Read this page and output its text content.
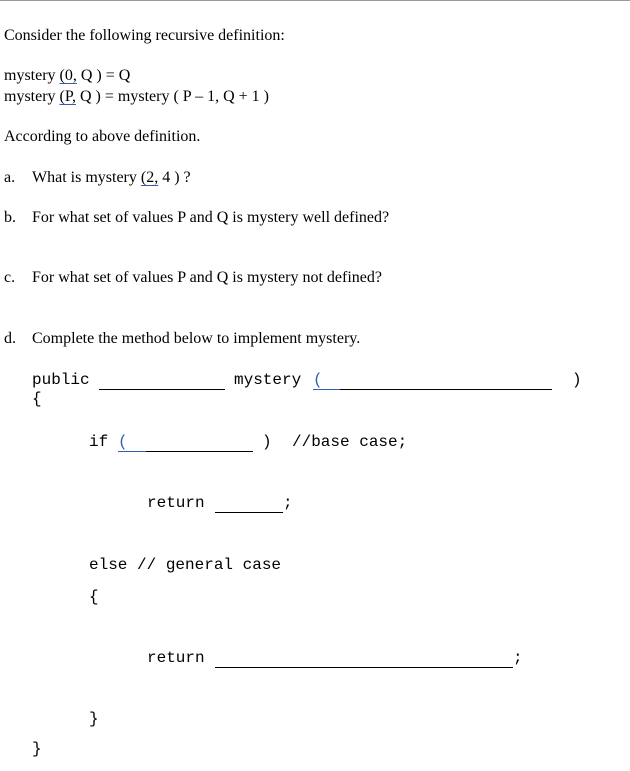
Consider the following recursive definition:
mystery (0, Q ) = Q
mystery (P, Q ) = mystery ( P – 1, Q + 1 )
According to above definition.
a. What is mystery (2, 4 ) ?
b. For what set of values P and Q is mystery well defined?
c. For what set of values P and Q is mystery not defined?
d. Complete the method below to implement mystery.
public	mystery (	)
{
if (	) //base case;
return	;
else // general case
{
return	;
}
}
